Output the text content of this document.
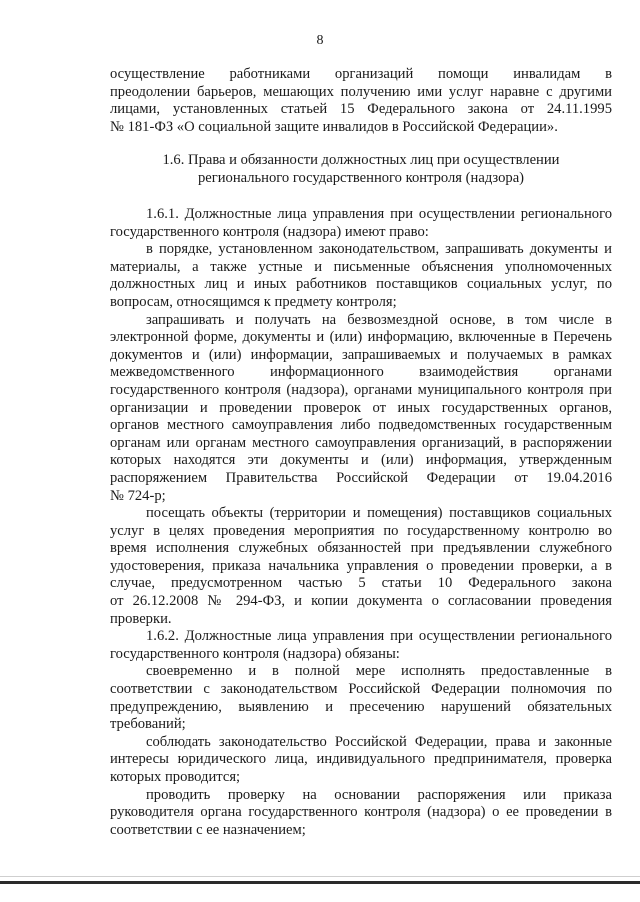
8
осуществление работниками организаций помощи инвалидам в
преодолении барьеров, мешающих получению ими услуг наравне с другими
лицами, установленных статьей 15 Федерального закона от 24.11.1995
№ 181-ФЗ «О социальной защите инвалидов в Российской Федерации».
1.6. Права и обязанности должностных лиц при осуществлении
регионального государственного контроля (надзора)
1.6.1. Должностные лица управления при осуществлении регионального
государственного контроля (надзора) имеют право:
в порядке, установленном законодательством, запрашивать документы и
материалы, а также устные и письменные объяснения уполномоченных
должностных лиц и иных работников поставщиков социальных услуг, по
вопросам, относящимся к предмету контроля;
запрашивать и получать на безвозмездной основе, в том числе в
электронной форме, документы и (или) информацию, включенные в Перечень
документов и (или) информации, запрашиваемых и получаемых в рамках
межведомственного информационного взаимодействия органами
государственного контроля (надзора), органами муниципального контроля при
организации и проведении проверок от иных государственных органов,
органов местного самоуправления либо подведомственных государственным
органам или органам местного самоуправления организаций, в распоряжении
которых находятся эти документы и (или) информация, утвержденным
распоряжением Правительства Российской Федерации от 19.04.2016
№ 724-р;
посещать объекты (территории и помещения) поставщиков социальных
услуг в целях проведения мероприятия по государственному контролю во
время исполнения служебных обязанностей при предъявлении служебного
удостоверения, приказа начальника управления о проведении проверки, а в
случае, предусмотренном частью 5 статьи 10 Федерального закона
от 26.12.2008 № 294-ФЗ, и копии документа о согласовании проведения
проверки.
1.6.2. Должностные лица управления при осуществлении регионального
государственного контроля (надзора) обязаны:
своевременно и в полной мере исполнять предоставленные в
соответствии с законодательством Российской Федерации полномочия по
предупреждению, выявлению и пресечению нарушений обязательных
требований;
соблюдать законодательство Российской Федерации, права и законные
интересы юридического лица, индивидуального предпринимателя, проверка
которых проводится;
проводить проверку на основании распоряжения или приказа
руководителя органа государственного контроля (надзора) о ее проведении в
соответствии с ее назначением;
